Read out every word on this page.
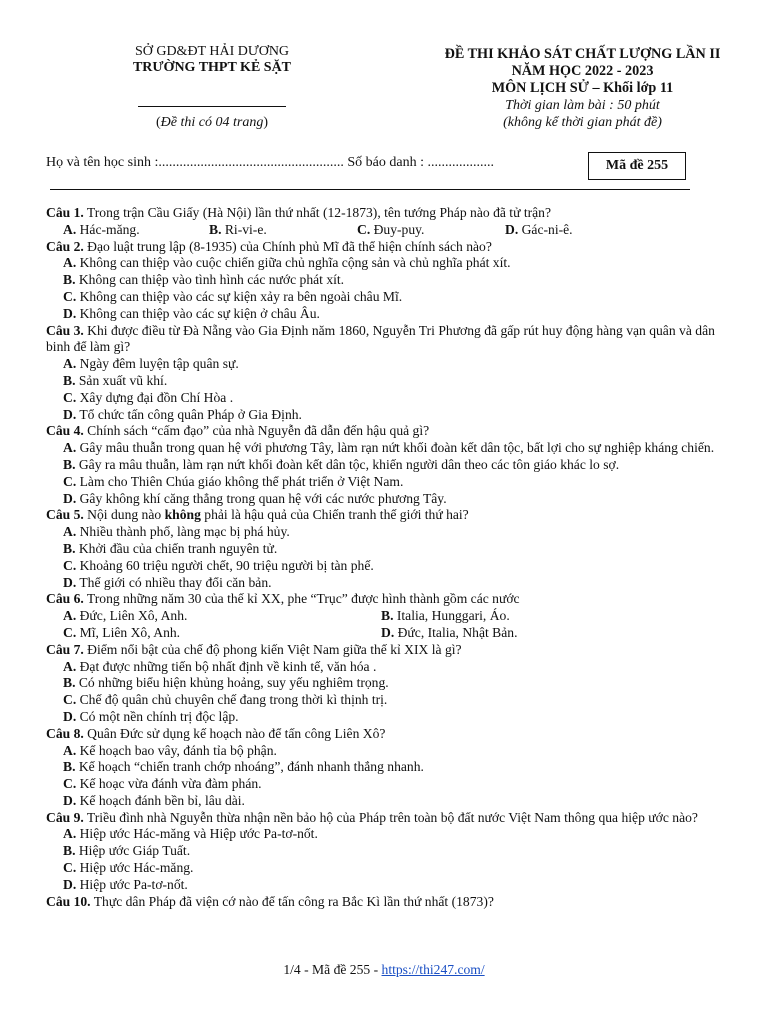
SỞ GD&ĐT HẢI DƯƠNG
TRƯỜNG THPT KẺ SẶT
(Đề thi có 04 trang)
ĐỀ THI KHẢO SÁT CHẤT LƯỢNG LẦN II
NĂM HỌC 2022 - 2023
MÔN LỊCH SỬ – Khối lớp 11
Thời gian làm bài : 50 phút
(không kể thời gian phát đề)
Họ và tên học sinh :..................................................... Số báo danh : ...................	Mã đề 255
Câu 1. Trong trận Cầu Giấy (Hà Nội) lần thứ nhất (12-1873), tên tướng Pháp nào đã tử trận?
A. Hác-măng.	B. Ri-vi-e.	C. Đuy-puy.	D. Gác-ni-ê.
Câu 2. Đạo luật trung lập (8-1935) của Chính phủ Mĩ đã thể hiện chính sách nào?
A. Không can thiệp vào cuộc chiến giữa chủ nghĩa cộng sản và chủ nghĩa phát xít.
B. Không can thiệp vào tình hình các nước phát xít.
C. Không can thiệp vào các sự kiện xảy ra bên ngoài châu Mĩ.
D. Không can thiệp vào các sự kiện ở châu Âu.
Câu 3. Khi được điều từ Đà Nẵng vào Gia Định năm 1860, Nguyễn Tri Phương đã gấp rút huy động hàng vạn quân và dân binh để làm gì?
A. Ngày đêm luyện tập quân sự.
B. Sản xuất vũ khí.
C. Xây dựng đại đồn Chí Hòa .
D. Tổ chức tấn công quân Pháp ở Gia Định.
Câu 4. Chính sách “cấm đạo” của nhà Nguyễn đã dẫn đến hậu quả gì?
A. Gây mâu thuẫn trong quan hệ với phương Tây, làm rạn nứt khối đoàn kết dân tộc, bất lợi cho sự nghiệp kháng chiến.
B. Gây ra mâu thuẫn, làm rạn nứt khối đoàn kết dân tộc, khiến người dân theo các tôn giáo khác lo sợ.
C. Làm cho Thiên Chúa giáo không thể phát triển ở Việt Nam.
D. Gây không khí căng thẳng trong quan hệ với các nước phương Tây.
Câu 5. Nội dung nào không phải là hậu quả của Chiến tranh thế giới thứ hai?
A. Nhiều thành phố, làng mạc bị phá hủy.
B. Khởi đầu của chiến tranh nguyên tử.
C. Khoảng 60 triệu người chết, 90 triệu người bị tàn phế.
D. Thế giới có nhiều thay đổi căn bản.
Câu 6. Trong những năm 30 của thế kỉ XX, phe “Trục” được hình thành gồm các nước
A. Đức, Liên Xô, Anh.	B. Italia, Hunggari, Áo.
C. Mĩ, Liên Xô, Anh.	D. Đức, Italia, Nhật Bản.
Câu 7. Điểm nổi bật của chế độ phong kiến Việt Nam giữa thế kỉ XIX là gì?
A. Đạt được những tiến bộ nhất định về kinh tế, văn hóa .
B. Có những biểu hiện khủng hoảng, suy yếu nghiêm trọng.
C. Chế độ quân chủ chuyên chế đang trong thời kì thịnh trị.
D. Có một nền chính trị độc lập.
Câu 8. Quân Đức sử dụng kế hoạch nào để tấn công Liên Xô?
A. Kế hoạch bao vây, đánh tỉa bộ phận.
B. Kế hoạch “chiến tranh chớp nhoáng”, đánh nhanh thắng nhanh.
C. Kế hoạc vừa đánh vừa đàm phán.
D. Kế hoạch đánh bền bỉ, lâu dài.
Câu 9. Triều đình nhà Nguyễn thừa nhận nền bảo hộ của Pháp trên toàn bộ đất nước Việt Nam thông qua hiệp ước nào?
A. Hiệp ước Hác-măng và Hiệp ước Pa-tơ-nốt.
B. Hiệp ước Giáp Tuất.
C. Hiệp ước Hác-măng.
D. Hiệp ước Pa-tơ-nốt.
Câu 10. Thực dân Pháp đã viện cớ nào để tấn công ra Bắc Kì lần thứ nhất (1873)?
1/4 - Mã đề 255 - https://thi247.com/
